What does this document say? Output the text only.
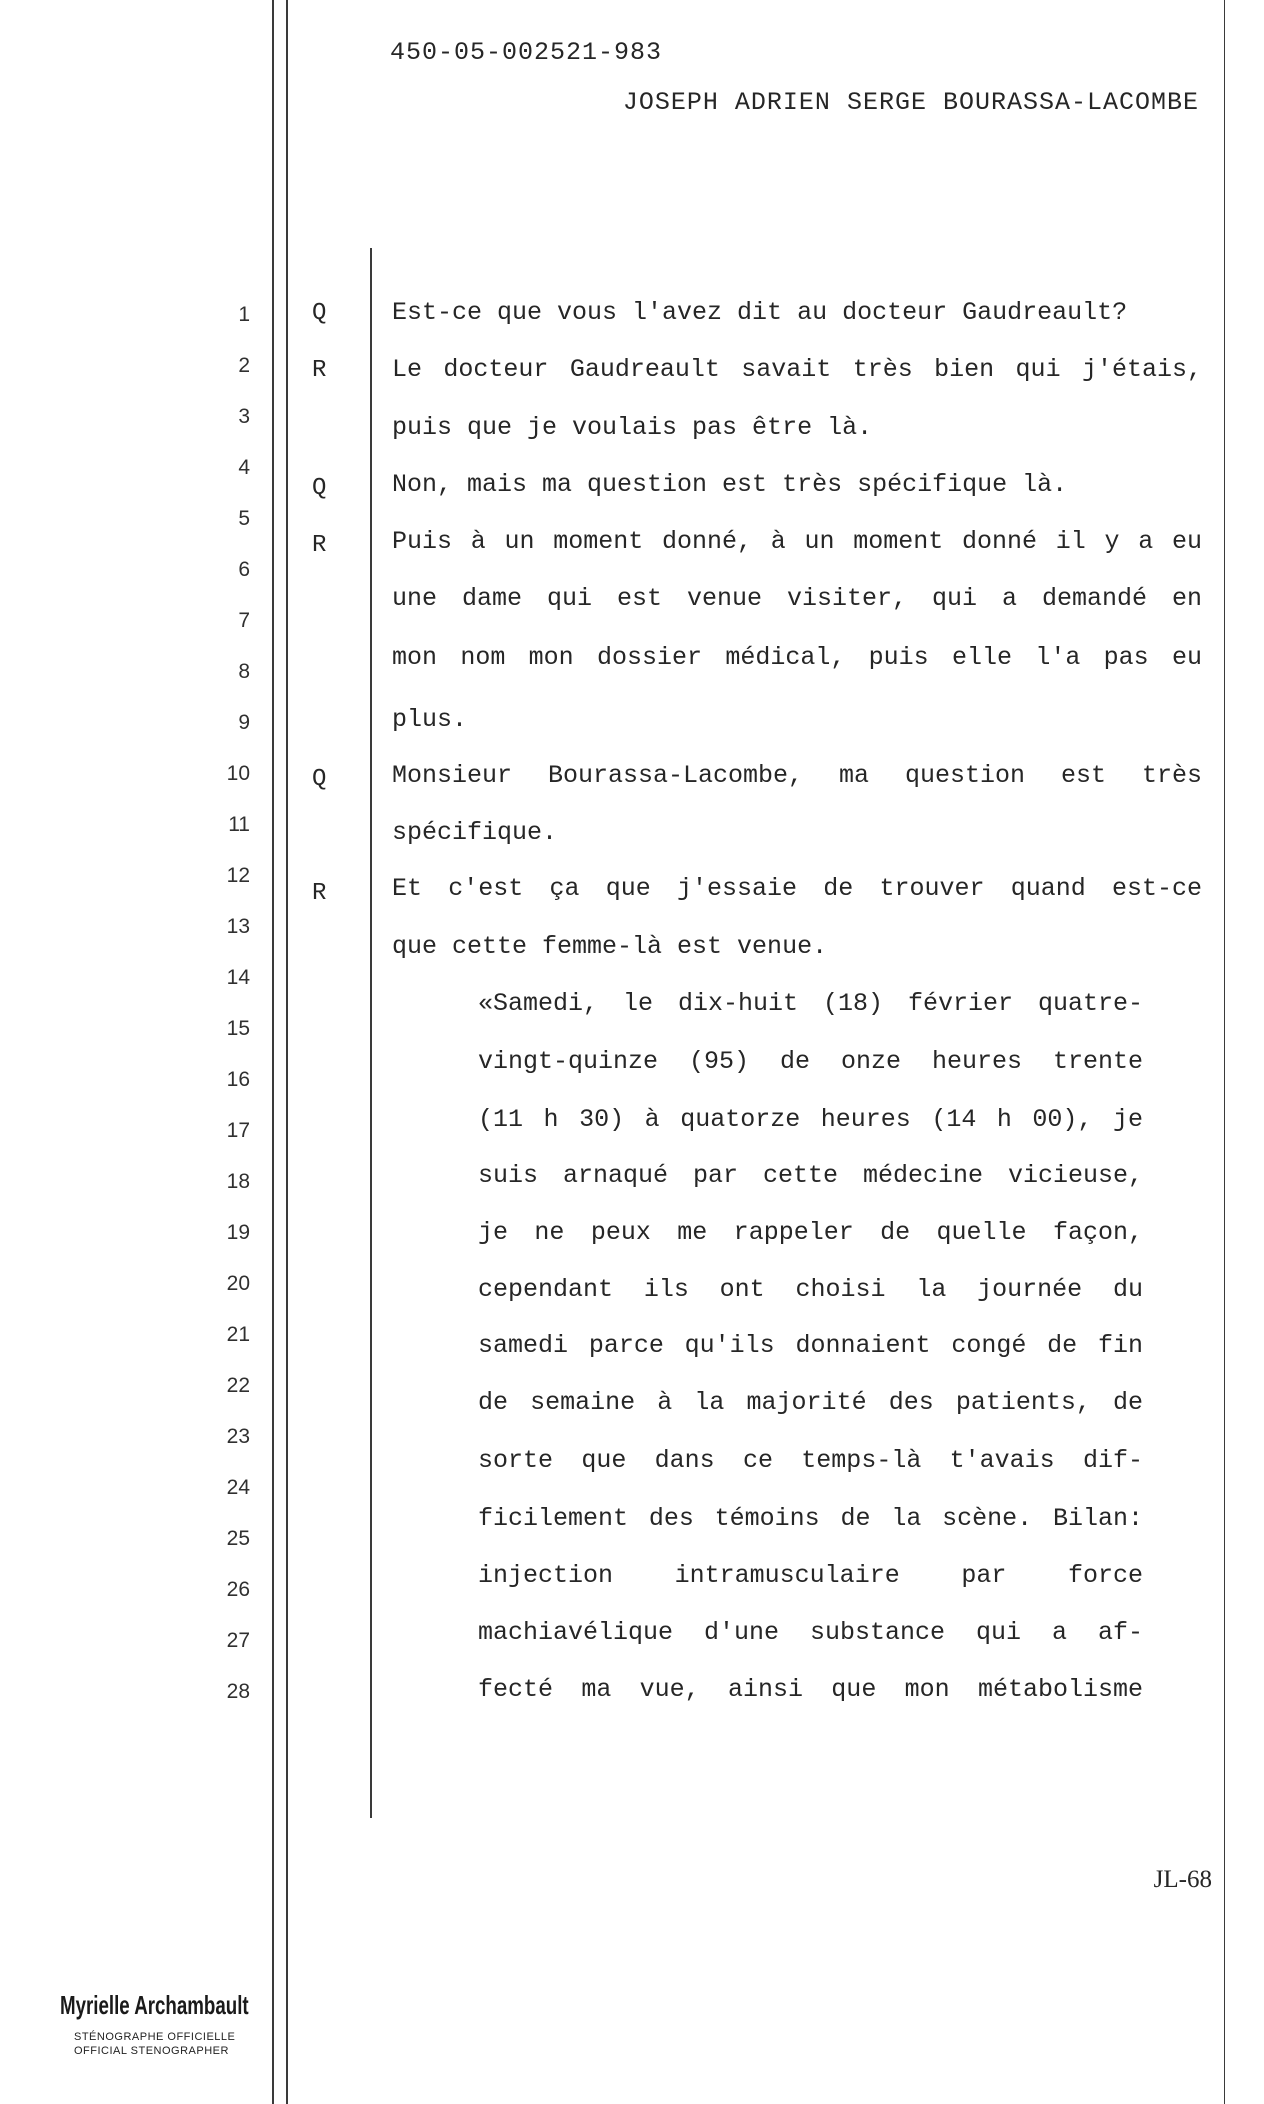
450-05-002521-983
JOSEPH ADRIEN SERGE BOURASSA-LACOMBE
1
2
3
4
5
6
7
8
9
10
11
12
13
14
15
16
17
18
19
20
21
22
23
24
25
26
27
28
Q
R
Q
R
Q
R
Est-ce que vous l'avez dit au docteur Gaudreault?
Le docteur Gaudreault savait très bien qui j'étais,
puis que je voulais pas être là.
Non, mais ma question est très spécifique là.
Puis à un moment donné, à un moment donné il y a eu
une dame qui est venue visiter, qui a demandé en
mon nom mon dossier médical, puis elle l'a pas eu
plus.
Monsieur Bourassa-Lacombe, ma question est très
spécifique.
Et c'est ça que j'essaie de trouver quand est-ce
que cette femme-là est venue.
«Samedi, le dix-huit (18) février quatre-
vingt-quinze (95) de onze heures trente
(11 h 30) à quatorze heures (14 h 00), je
suis arnaqué par cette médecine vicieuse,
je ne peux me rappeler de quelle façon,
cependant ils ont choisi la journée du
samedi parce qu'ils donnaient congé de fin
de semaine à la majorité des patients, de
sorte que dans ce temps-là t'avais dif-
ficilement des témoins de la scène. Bilan:
injection intramusculaire par force
machiavélique d'une substance qui a af-
fecté ma vue, ainsi que mon métabolisme
JL-68
Myrielle Archambault
STÉNOGRAPHE OFFICIELLE
OFFICIAL STENOGRAPHER
